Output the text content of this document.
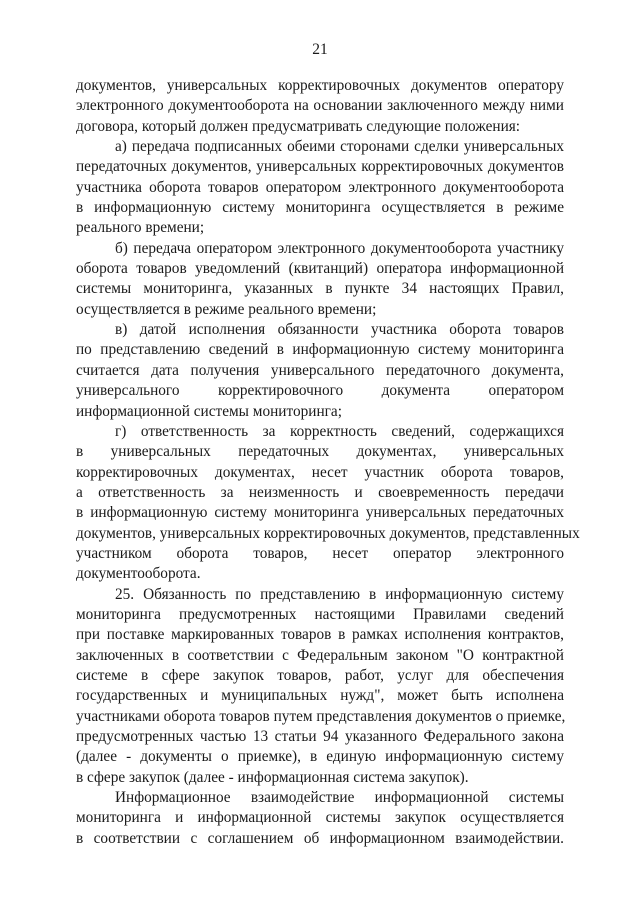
21
документов, универсальных корректировочных документов оператору
электронного документооборота на основании заключенного между ними
договора, который должен предусматривать следующие положения:
а) передача подписанных обеими сторонами сделки универсальных
передаточных документов, универсальных корректировочных документов
участника оборота товаров оператором электронного документооборота
в информационную систему мониторинга осуществляется в режиме
реального времени;
б) передача оператором электронного документооборота участнику
оборота товаров уведомлений (квитанций) оператора информационной
системы мониторинга, указанных в пункте 34 настоящих Правил,
осуществляется в режиме реального времени;
в) датой исполнения обязанности участника оборота товаров
по представлению сведений в информационную систему мониторинга
считается дата получения универсального передаточного документа,
универсального корректировочного документа оператором
информационной системы мониторинга;
г) ответственность за корректность сведений, содержащихся
в универсальных передаточных документах, универсальных
корректировочных документах, несет участник оборота товаров,
а ответственность за неизменность и своевременность передачи
в информационную систему мониторинга универсальных передаточных
документов, универсальных корректировочных документов, представленных
участником оборота товаров, несет оператор электронного
документооборота.
25. Обязанность по представлению в информационную систему
мониторинга предусмотренных настоящими Правилами сведений
при поставке маркированных товаров в рамках исполнения контрактов,
заключенных в соответствии с Федеральным законом "О контрактной
системе в сфере закупок товаров, работ, услуг для обеспечения
государственных и муниципальных нужд", может быть исполнена
участниками оборота товаров путем представления документов о приемке,
предусмотренных частью 13 статьи 94 указанного Федерального закона
(далее - документы о приемке), в единую информационную систему
в сфере закупок (далее - информационная система закупок).
Информационное взаимодействие информационной системы
мониторинга и информационной системы закупок осуществляется
в соответствии с соглашением об информационном взаимодействии.
